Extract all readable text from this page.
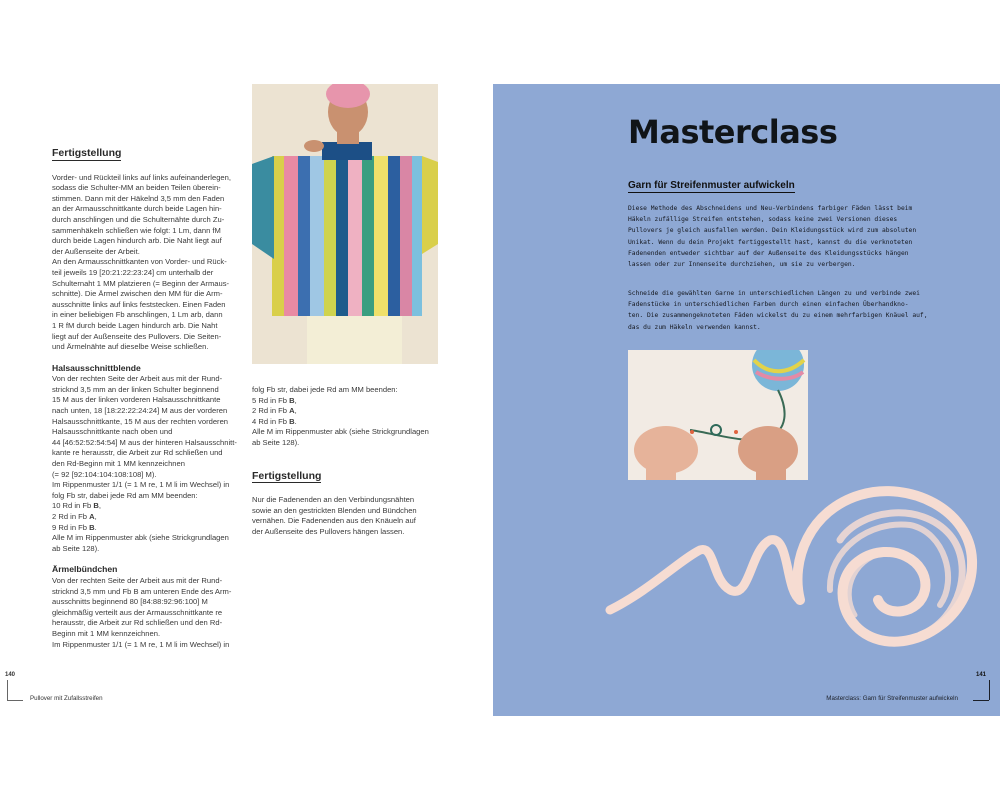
Fertigstellung

Vorder- und Rückteil links auf links aufeinanderlegen,
sodass die Schulter-MM an beiden Teilen überein-
stimmen. Dann mit der Häkelnd 3,5 mm den Faden
an der Armausschnittkante durch beide Lagen hin-
durch anschlingen und die Schulternähte durch Zu-
sammenhäkeln schließen wie folgt: 1 Lm, dann fM
durch beide Lagen hindurch arb. Die Naht liegt auf
der Außenseite der Arbeit.
An den Armausschnittkanten von Vorder- und Rück-
teil jeweils 19 [20:21:22:23:24] cm unterhalb der
Schulternaht 1 MM platzieren (= Beginn der Armaus-
schnitte). Die Ärmel zwischen den MM für die Arm-
ausschnitte links auf links feststecken. Einen Faden
in einer beliebigen Fb anschlingen, 1 Lm arb, dann
1 R fM durch beide Lagen hindurch arb. Die Naht
liegt auf der Außenseite des Pullovers. Die Seiten-
und Ärmelnähte auf dieselbe Weise schließen.

Halsausschnittblende

Von der rechten Seite der Arbeit aus mit der Rund-
stricknd 3,5 mm an der linken Schulter beginnend
15 M aus der linken vorderen Halsausschnittkante
nach unten, 18 [18:22:22:24:24] M aus der vorderen
Halsausschnittkante, 15 M aus der rechten vorderen
Halsausschnittkante nach oben und
44 [46:52:52:54:54] M aus der hinteren Halsausschnitt-
kante re herausstr, die Arbeit zur Rd schließen und
den Rd-Beginn mit 1 MM kennzeichnen
(= 92 [92:104:104:108:108] M).
Im Rippenmuster 1/1 (= 1 M re, 1 M li im Wechsel) in
folg Fb str, dabei jede Rd am MM beenden:

10 Rd in Fb B,

2 Rd in Fb A,

9 Rd in Fb B.

Alle M im Rippenmuster abk (siehe Strickgrundlagen
ab Seite 128).

Ärmelbündchen

Von der rechten Seite der Arbeit aus mit der Rund-
stricknd 3,5 mm und Fb B am unteren Ende des Arm-
ausschnitts beginnend 80 [84:88:92:96:100] M
gleichmäßig verteilt aus der Armausschnittkante re
herausstr, die Arbeit zur Rd schließen und den Rd-
Beginn mit 1 MM kennzeichnen.
Im Rippenmuster 1/1 (= 1 M re, 1 M li im Wechsel) in

folg Fb str, dabei jede Rd am MM beenden:

5 Rd in Fb B,

2 Rd in Fb A,

4 Rd in Fb B.

Alle M im Rippenmuster abk (siehe Strickgrundlagen
ab Seite 128).

Fertigstellung

Nur die Fadenenden an den Verbindungsnähten
sowie an den gestrickten Blenden und Bündchen
vernähen. Die Fadenenden aus den Knäueln auf
der Außenseite des Pullovers hängen lassen.

140
Pullover mit Zufallsstreifen
Masterclass
Garn für Streifenmuster aufwickeln
Diese Methode des Abschneidens und Neu-Verbindens farbiger Fäden lässt beim
Häkeln zufällige Streifen entstehen, sodass keine zwei Versionen dieses
Pullovers je gleich ausfallen werden. Dein Kleidungsstück wird zum absoluten
Unikat. Wenn du dein Projekt fertiggestellt hast, kannst du die verknoteten
Fadenenden entweder sichtbar auf der Außenseite des Kleidungsstücks hängen
lassen oder zur Innenseite durchziehen, um sie zu verbergen.
Schneide die gewählten Garne in unterschiedlichen Längen zu und verbinde zwei
Fadenstücke in unterschiedlichen Farben durch einen einfachen Überhandkno-
ten. Die zusammengeknoteten Fäden wickelst du zu einem mehrfarbigen Knäuel auf,
das du zum Häkeln verwenden kannst.
141
Masterclass: Garn für Streifenmuster aufwickeln
